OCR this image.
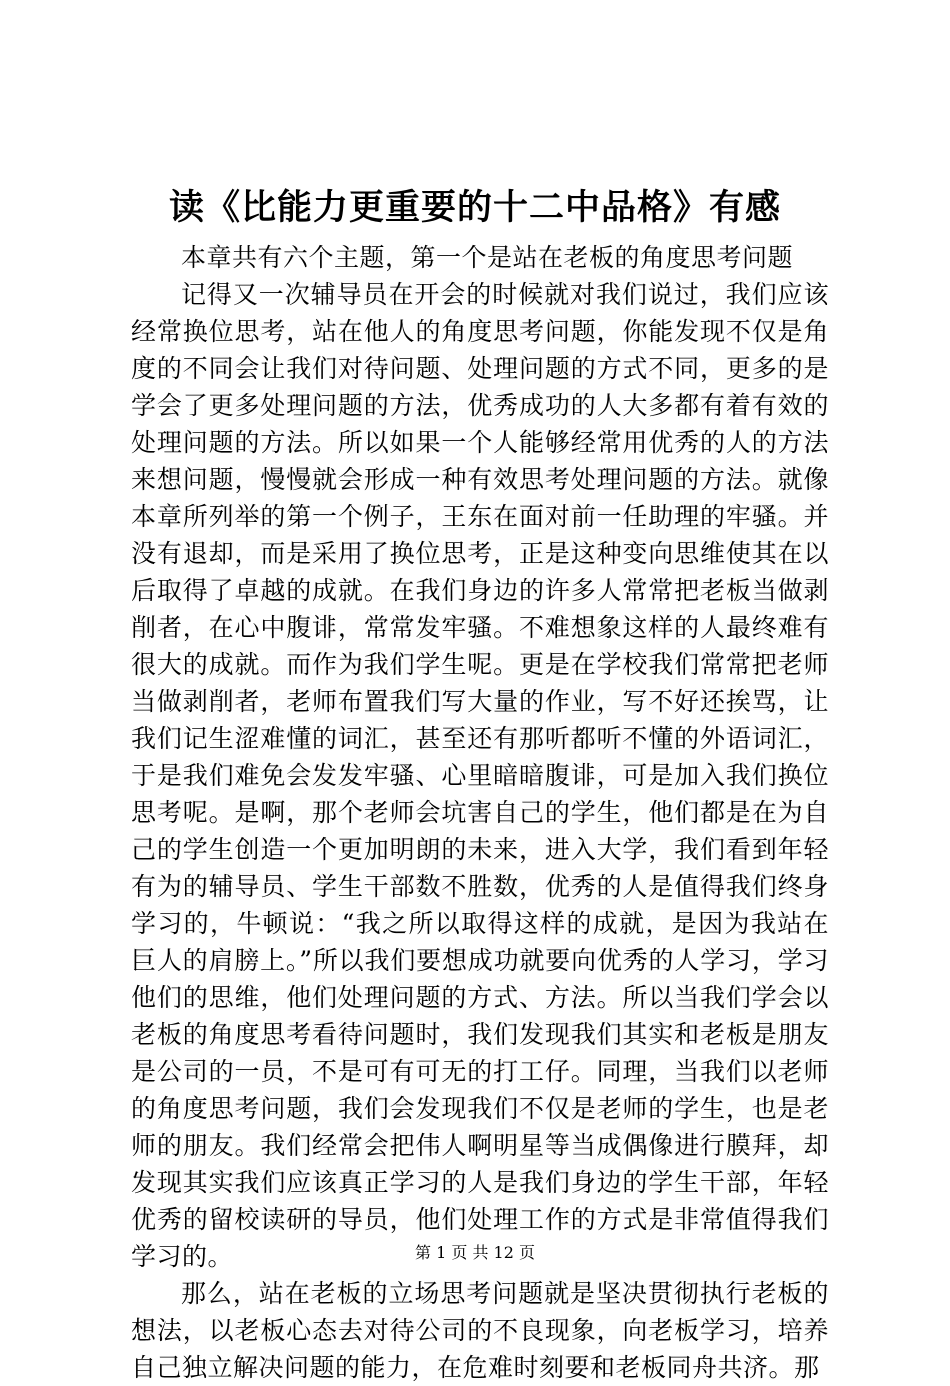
读《比能力更重要的十二中品格》有感

本章共有六个主题，第一个是站在老板的角度思考问题

记得又一次辅导员在开会的时候就对我们说过，我们应该经常换位思考，站在他人的角度思考问题，你能发现不仅是角度的不同会让我们对待问题、处理问题的方式不同，更多的是学会了更多处理问题的方法，优秀成功的人大多都有着有效的处理问题的方法。所以如果一个人能够经常用优秀的人的方法来想问题，慢慢就会形成一种有效思考处理问题的方法。就像本章所列举的第一个例子，王东在面对前一任助理的牢骚。并没有退却，而是采用了换位思考，正是这种变向思维使其在以后取得了卓越的成就。在我们身边的许多人常常把老板当做剥削者，在心中腹诽，常常发牢骚。不难想象这样的人最终难有很大的成就。而作为我们学生呢。更是在学校我们常常把老师当做剥削者，老师布置我们写大量的作业，写不好还挨骂，让我们记生涩难懂的词汇，甚至还有那听都听不懂的外语词汇，于是我们难免会发发牢骚、心里暗暗腹诽，可是加入我们换位思考呢。是啊，那个老师会坑害自己的学生，他们都是在为自己的学生创造一个更加明朗的未来，进入大学，我们看到年轻有为的辅导员、学生干部数不胜数，优秀的人是值得我们终身学习的，牛顿说：“我之所以取得这样的成就，是因为我站在巨人的肩膀上。”所以我们要想成功就要向优秀的人学习，学习他们的思维，他们处理问题的方式、方法。所以当我们学会以老板的角度思考看待问题时，我们发现我们其实和老板是朋友是公司的一员，不是可有可无的打工仔。同理，当我们以老师的角度思考问题，我们会发现我们不仅是老师的学生，也是老师的朋友。我们经常会把伟人啊明星等当成偶像进行膜拜，却发现其实我们应该真正学习的人是我们身边的学生干部，年轻优秀的留校读研的导员，他们处理工作的方式是非常值得我们学习的。

那么，站在老板的立场思考问题就是坚决贯彻执行老板的想法，以老板心态去对待公司的不良现象，向老板学习，培养自己独立解决问题的能力，在危难时刻要和老板同舟共济。那

第 1 页 共 12 页
